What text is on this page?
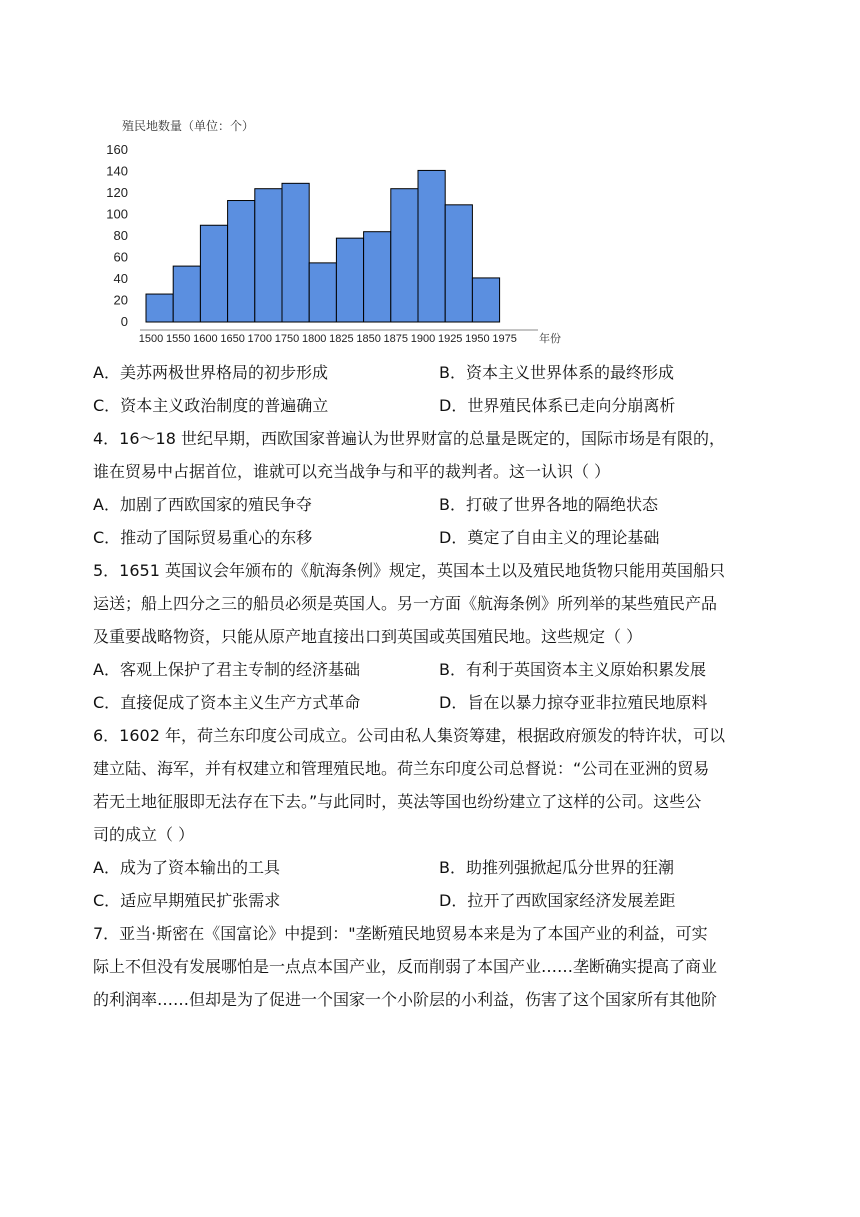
殖民地数量（单位：个）
160
140
120
100
80
60
40
20
0
1500 1550 1600 1650 1700 1750 1800 1825 1850 1875 1900 1925 1950 1975 年份
A．美苏两极世界格局的初步形成	B．资本主义世界体系的最终形成
C．资本主义政治制度的普遍确立	D．世界殖民体系已走向分崩离析
4．16～18 世纪早期，西欧国家普遍认为世界财富的总量是既定的，国际市场是有限的，
谁在贸易中占据首位，谁就可以充当战争与和平的裁判者。这一认识（ ）
A．加剧了西欧国家的殖民争夺	B．打破了世界各地的隔绝状态
C．推动了国际贸易重心的东移	D．奠定了自由主义的理论基础
5．1651 英国议会年颁布的《航海条例》规定，英国本土以及殖民地货物只能用英国船只
运送；船上四分之三的船员必须是英国人。另一方面《航海条例》所列举的某些殖民产品
及重要战略物资，只能从原产地直接出口到英国或英国殖民地。这些规定（ ）
A．客观上保护了君主专制的经济基础	B．有利于英国资本主义原始积累发展
C．直接促成了资本主义生产方式革命	D．旨在以暴力掠夺亚非拉殖民地原料
6．1602 年，荷兰东印度公司成立。公司由私人集资筹建，根据政府颁发的特许状，可以
建立陆、海军，并有权建立和管理殖民地。荷兰东印度公司总督说：“公司在亚洲的贸易
若无土地征服即无法存在下去。”与此同时，英法等国也纷纷建立了这样的公司。这些公
司的成立（ ）
A．成为了资本输出的工具	B．助推列强掀起瓜分世界的狂潮
C．适应早期殖民扩张需求	D．拉开了西欧国家经济发展差距
7．亚当·斯密在《国富论》中提到："垄断殖民地贸易本来是为了本国产业的利益，可实
际上不但没有发展哪怕是一点点本国产业，反而削弱了本国产业……垄断确实提高了商业
的利润率……但却是为了促进一个国家一个小阶层的小利益，伤害了这个国家所有其他阶
